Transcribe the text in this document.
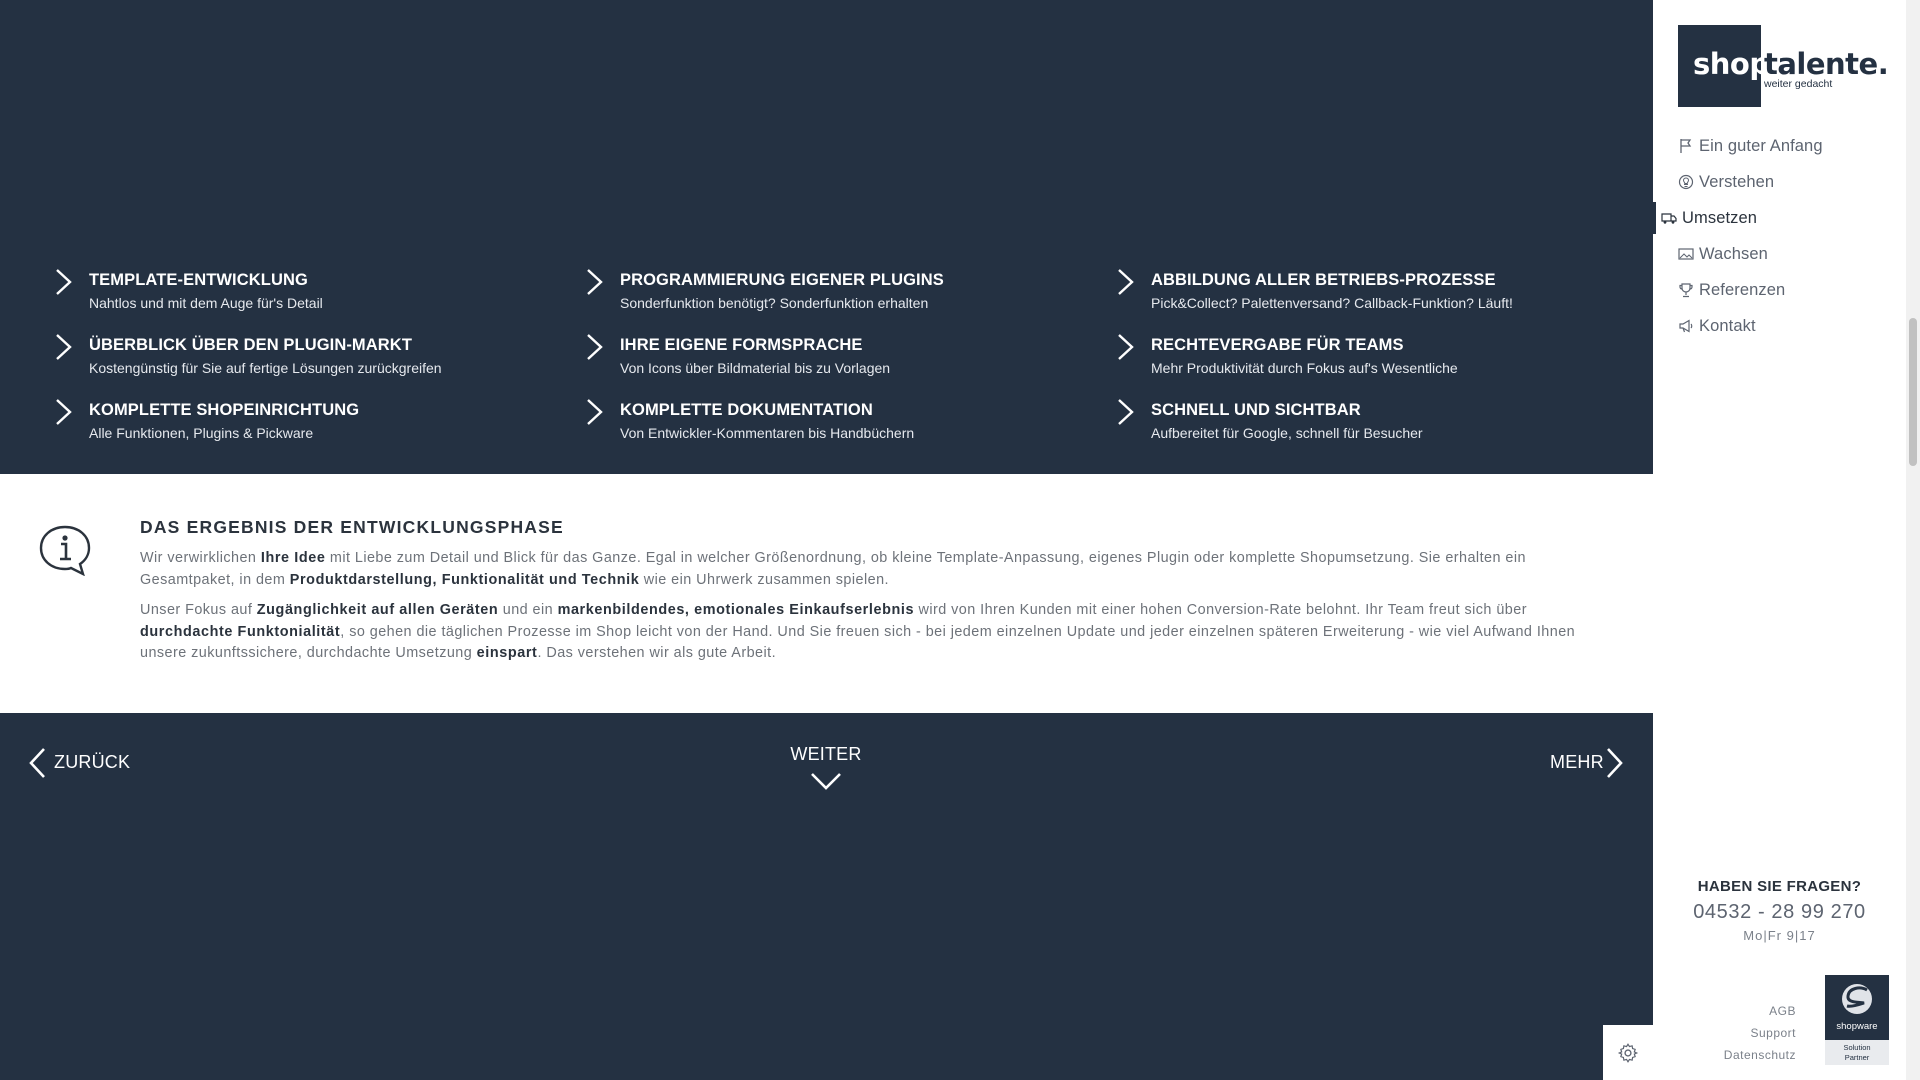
TEMPLATE-ENTWICKLUNG
Nahtlos und mit dem Auge für's Detail
PROGRAMMIERUNG EIGENER PLUGINS
Sonderfunktion benötigt? Sonderfunktion erhalten
ABBILDUNG ALLER BETRIEBS-PROZESSE
Pick&Collect? Palettenversand? Callback-Funktion? Läuft!
ÜBERBLICK ÜBER DEN PLUGIN-MARKT
Kostengünstig für Sie auf fertige Lösungen zurückgreifen
IHRE EIGENE FORMSPRACHE
Von Icons über Bildmaterial bis zu Vorlagen
RECHTEVERGABE FÜR TEAMS
Mehr Produktivität durch Fokus auf's Wesentliche
KOMPLETTE SHOPEINRICHTUNG
Alle Funktionen, Plugins & Pickware
KOMPLETTE DOKUMENTATION
Von Entwickler-Kommentaren bis Handbüchern
SCHNELL UND SICHTBAR
Aufbereitet für Google, schnell für Besucher
DAS ERGEBNIS DER ENTWICKLUNGSPHASE

Wir verwirklichen Ihre Idee mit Liebe zum Detail und Blick für das Ganze. Egal in welcher Größenordnung, ob kleine Template-Anpassung, eigenes Plugin oder komplette Shopumsetzung. Sie erhalten ein Gesamtpaket, in dem Produktdarstellung, Funktionalität und Technik wie ein Uhrwerk zusammen spielen.

Unser Fokus auf Zugänglichkeit auf allen Geräten und ein markenbildendes, emotionales Einkaufserlebnis wird von Ihren Kunden mit einer hohen Conversion-Rate belohnt. Ihr Team freut sich über durchdachte Funktonialität, so gehen die täglichen Prozesse im Shop leicht von der Hand. Und Sie freuen sich - bei jedem einzelnen Update und jeder einzelnen späteren Erweiterung - wie viel Aufwand Ihnen unsere zukunftssichere, durchdachte Umsetzung einspart. Das verstehen wir als gute Arbeit.

ZURÜCK	WEITER	MEHR
shop
talente.
weiter gedacht
Ein guter Anfang
Verstehen
Umsetzen
Wachsen
Referenzen
Kontakt
HABEN SIE FRAGEN?
04532 - 28 99 270
Mo|Fr 9|17
AGB
Support
Datenschutz
shopware
Solution
Partner
